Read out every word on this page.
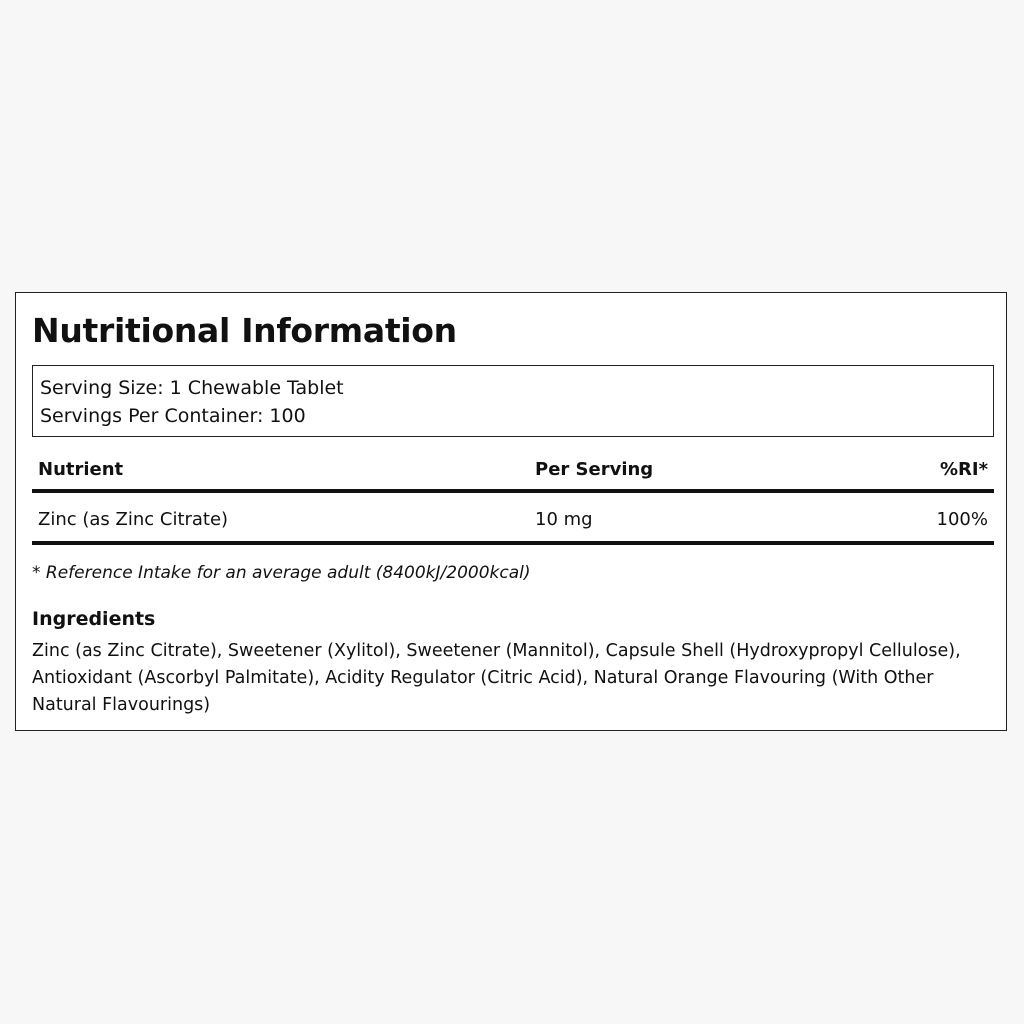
Nutritional Information
Serving Size: 1 Chewable Tablet
Servings Per Container: 100
Nutrient	Per Serving	%RI*
Zinc (as Zinc Citrate)	10 mg	100%
* Reference Intake for an average adult (8400kJ/2000kcal)
Ingredients
Zinc (as Zinc Citrate), Sweetener (Xylitol), Sweetener (Mannitol), Capsule Shell (Hydroxypropyl Cellulose), Antioxidant (Ascorbyl Palmitate), Acidity Regulator (Citric Acid), Natural Orange Flavouring (With Other Natural Flavourings)
